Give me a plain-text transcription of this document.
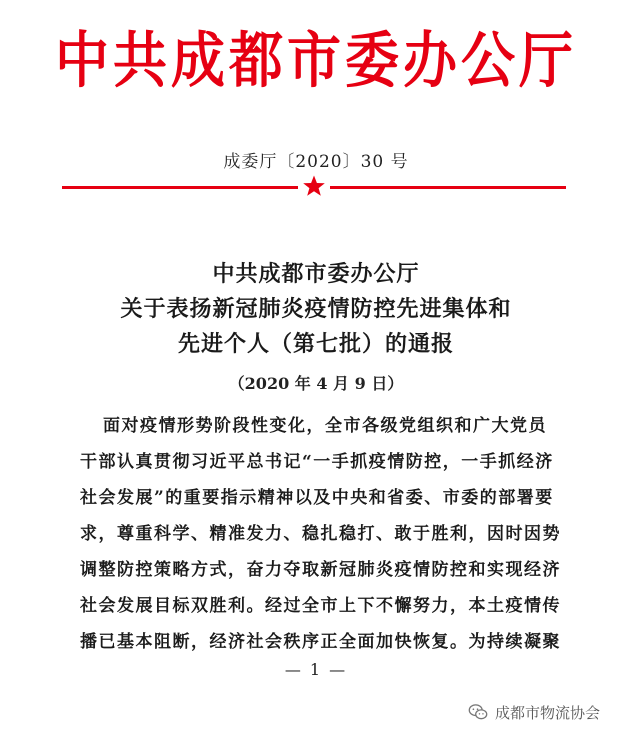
中共成都市委办公厅
成委厅〔2020〕30 号
中共成都市委办公厅
关于表扬新冠肺炎疫情防控先进集体和
先进个人（第七批）的通报
（2020 年 4 月 9 日）
面对疫情形势阶段性变化，全市各级党组织和广大党员
干部认真贯彻习近平总书记“一手抓疫情防控，一手抓经济
社会发展”的重要指示精神以及中央和省委、市委的部署要
求，尊重科学、精准发力、稳扎稳打、敢于胜利，因时因势
调整防控策略方式，奋力夺取新冠肺炎疫情防控和实现经济
社会发展目标双胜利。经过全市上下不懈努力，本土疫情传
播已基本阻断，经济社会秩序正全面加快恢复。为持续凝聚
— 1 —
成都市物流协会
